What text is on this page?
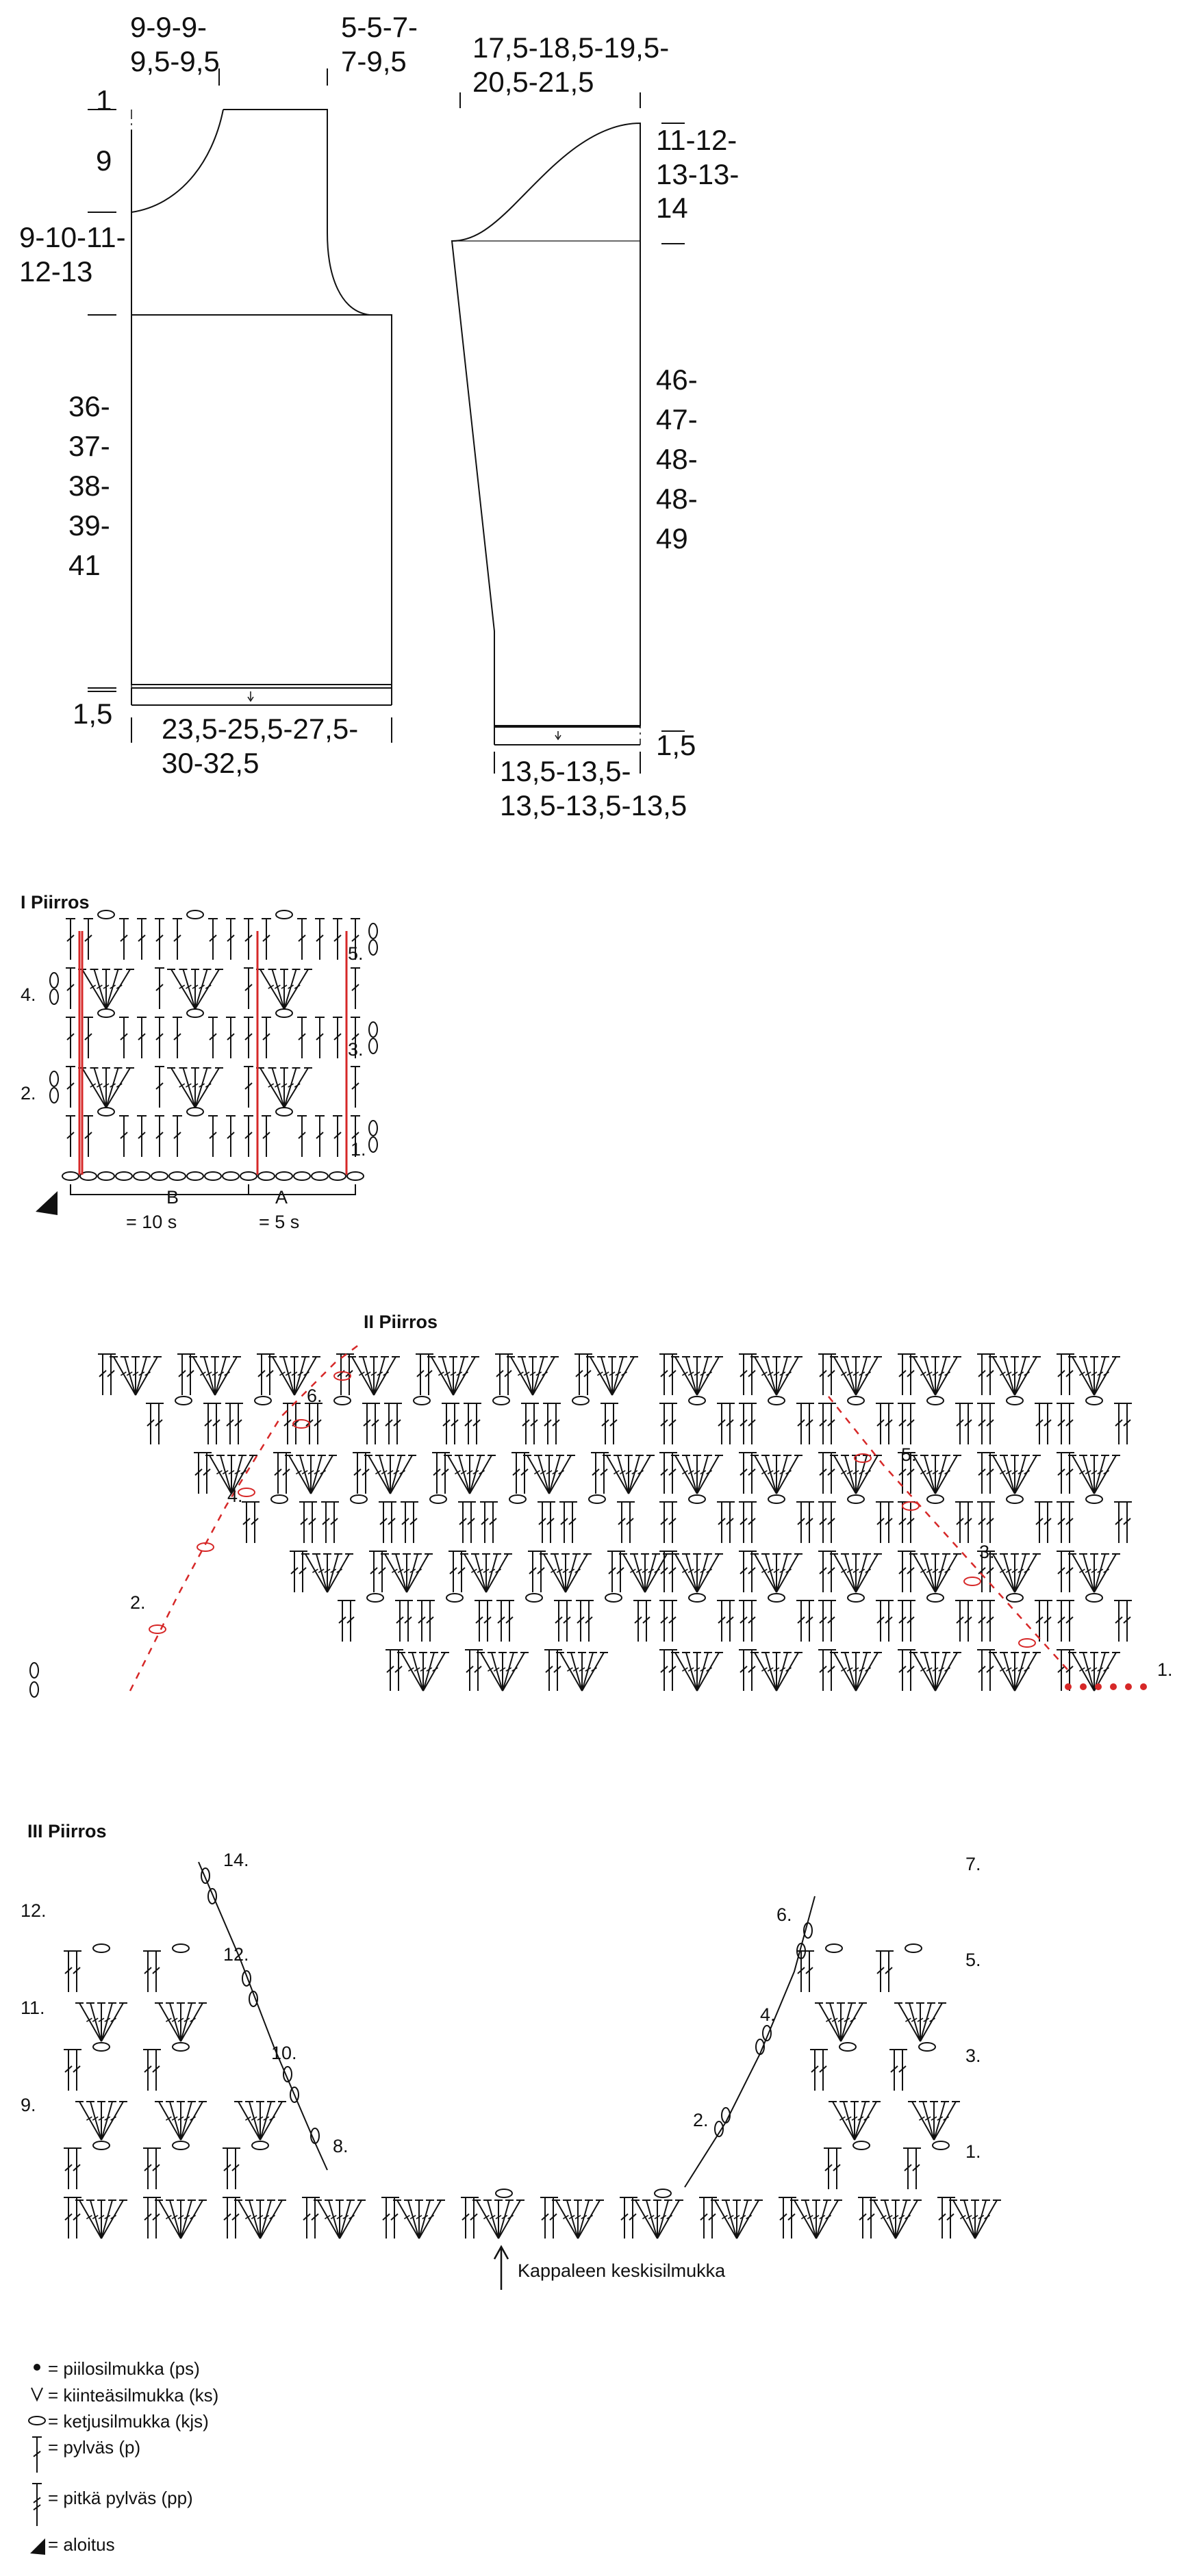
9-9-9-
9,5-9,5
5-5-7-
7-9,5
1
9
9-10-11-
12-13
36-
37-
38-
39-
41
1,5 23,5-25,5-27,5-
30-32,5
17,5-18,5-19,5-
20,5-21,5
11-12-
13-13-
14
46-
47-
48-
48-
49
1,5
13,5-13,5-
13,5-13,5-13,5
I Piirros
1.
2.
3.
4.
5.
B
= 10 s
A
= 5 s
II Piirros
2.
4.
6.
1.
3.
5.
III Piirros
9.
11.
12.
8.
10.
12.
14.
1.
3.
5.
7.
2.
4.
6.
Kappaleen keskisilmukka
= piilosilmukka (ps)
= kiinteäsilmukka (ks)
= ketjusilmukka (kjs)
= pylväs (p)
= pitkä pylväs (pp)
= aloitus
